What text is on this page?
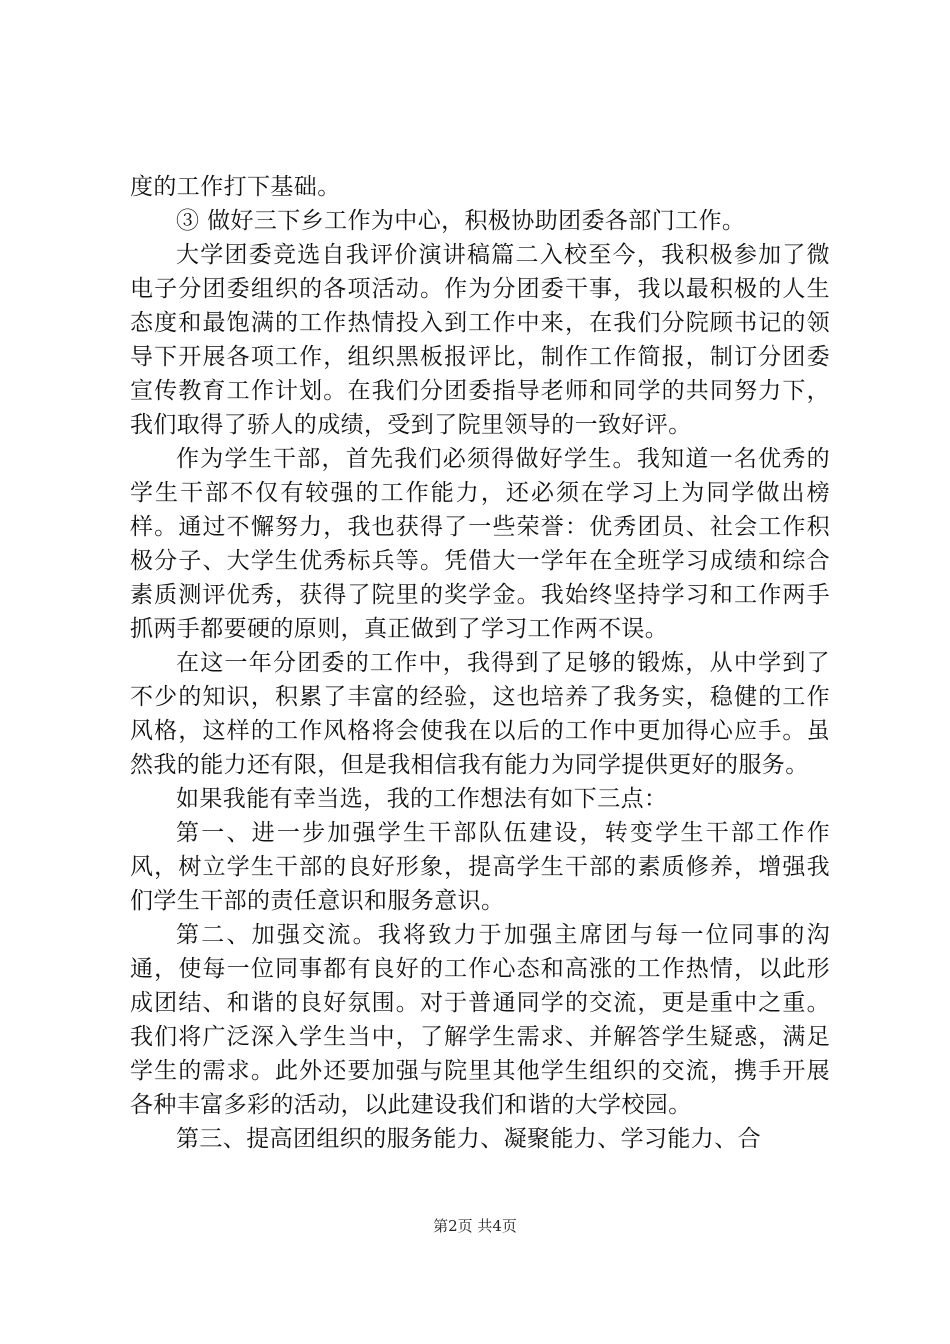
度的工作打下基础。

③ 做好三下乡工作为中心，积极协助团委各部门工作。

大学团委竞选自我评价演讲稿篇二入校至今，我积极参加了微电子分团委组织的各项活动。作为分团委干事，我以最积极的人生态度和最饱满的工作热情投入到工作中来，在我们分院顾书记的领导下开展各项工作，组织黑板报评比，制作工作简报，制订分团委宣传教育工作计划。在我们分团委指导老师和同学的共同努力下，我们取得了骄人的成绩，受到了院里领导的一致好评。

作为学生干部，首先我们必须得做好学生。我知道一名优秀的学生干部不仅有较强的工作能力，还必须在学习上为同学做出榜样。通过不懈努力，我也获得了一些荣誉：优秀团员、社会工作积极分子、大学生优秀标兵等。凭借大一学年在全班学习成绩和综合素质测评优秀，获得了院里的奖学金。我始终坚持学习和工作两手抓两手都要硬的原则，真正做到了学习工作两不误。

在这一年分团委的工作中，我得到了足够的锻炼，从中学到了不少的知识，积累了丰富的经验，这也培养了我务实，稳健的工作风格，这样的工作风格将会使我在以后的工作中更加得心应手。虽然我的能力还有限，但是我相信我有能力为同学提供更好的服务。

如果我能有幸当选，我的工作想法有如下三点：

第一、进一步加强学生干部队伍建设，转变学生干部工作作风，树立学生干部的良好形象，提高学生干部的素质修养，增强我们学生干部的责任意识和服务意识。

第二、加强交流。我将致力于加强主席团与每一位同事的沟通，使每一位同事都有良好的工作心态和高涨的工作热情，以此形成团结、和谐的良好氛围。对于普通同学的交流，更是重中之重。我们将广泛深入学生当中，了解学生需求、并解答学生疑惑，满足学生的需求。此外还要加强与院里其他学生组织的交流，携手开展各种丰富多彩的活动，以此建设我们和谐的大学校园。

第三、提高团组织的服务能力、凝聚能力、学习能力、合

第2页 共4页
